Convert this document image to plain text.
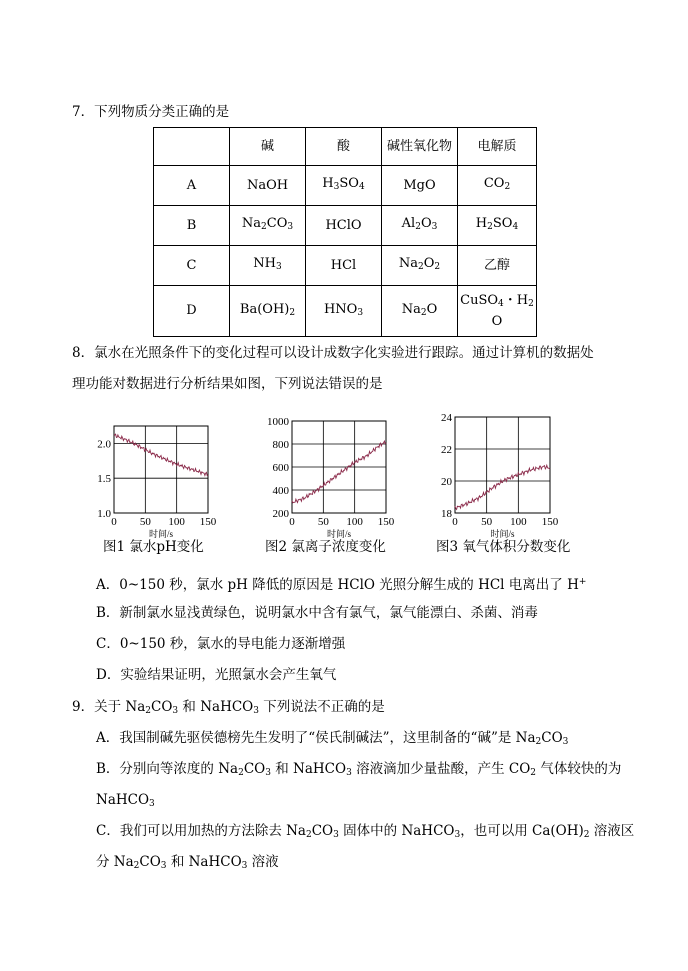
7．下列物质分类正确的是
	碱	酸	碱性氧化物	电解质
A	NaOH	$H_3SO_4$	MgO	$CO_2$
B	$Na_2CO_3$	HClO	$Al_2O_3$	$H_2SO_4$
C	$NH_3$	HCl	$Na_2O_2$	乙醇
D	$Ba(OH)_2$	$HNO_3$	$Na_2O$	CuSO$_4$・$H_2$
O
8．氯水在光照条件下的变化过程可以设计成数字化实验进行跟踪。通过计算机的数据处
理功能对数据进行分析结果如图，下列说法错误的是
0 50 100 150
1.0
1.5
2.0
时间/s
0 50 100 150
200
400
600
800
1000
时间/s
0 50 100 150
18
20
22
24
时间/s
图1 氯水pH变化	图2 氯离子浓度变化	图3 氧气体积分数变化
A．0~150 秒，氯水 pH 降低的原因是 HClO 光照分解生成的 HCl 电离出了 H+
B．新制氯水显浅黄绿色，说明氯水中含有氯气，氯气能漂白、杀菌、消毒
C．0~150 秒，氯水的导电能力逐渐增强
D．实验结果证明，光照氯水会产生氧气
9．关于 $Na_2CO_3$ 和 NaHCO$_3$ 下列说法不正确的是
A．我国制碱先驱侯德榜先生发明了“侯氏制碱法”，这里制备的“碱”是 $Na_2CO_3$
B．分别向等浓度的 $Na_2CO_3$ 和 NaHCO$_3$ 溶液滴加少量盐酸，产生 $CO_2$ 气体较快的为
NaHCO$_3$
C．我们可以用加热的方法除去 $Na_2CO_3$ 固体中的 NaHCO$_3$，也可以用 $Ca(OH)_2$ 溶液区
分 $Na_2CO_3$ 和 NaHCO$_3$ 溶液
